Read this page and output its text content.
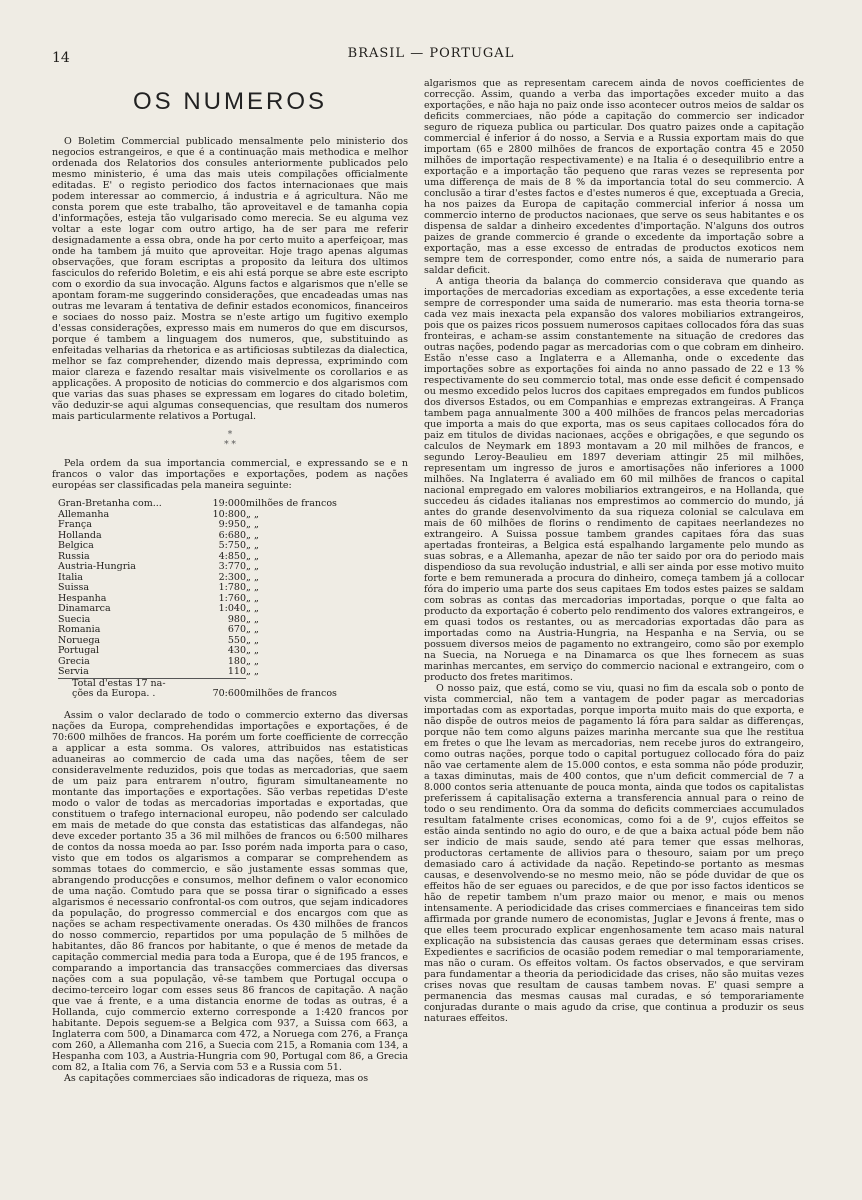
14	BRASIL — PORTUGAL
OS NUMEROS

O Boletim Commercial publicado mensalmente pelo ministerio dos negocios estrangeiros, e que é a continuação mais methodica e melhor ordenada dos Relatorios dos consules anteriormente publicados pelo mesmo ministerio, é uma das mais uteis compilações officialmente editadas. E' o registo periodico dos factos internacionaes que mais podem interessar ao commercio, á industria e á agricultura. Não me consta porem que este trabalho, tão aproveitavel e de tamanha copia d'informações, esteja tão vulgarisado como merecia. Se eu alguma vez voltar a este logar com outro artigo, ha de ser para me referir designadamente a essa obra, onde ha por certo muito a aperfeiçoar, mas onde ha tambem já muito que aproveitar. Hoje trago apenas algumas observações, que foram escriptas a proposito da leitura dos ultimos fasciculos do referido Boletim, e eis ahi está porque se abre este escripto com o exordio da sua invocação. Alguns factos e algarismos que n'elle se apontam foram-me suggerindo considerações, que encadeadas umas nas outras me levaram á tentativa de definir estados economicos, financeiros e sociaes do nosso paiz. Mostra se n'este artigo um fugitivo exemplo d'essas considerações, expresso mais em numeros do que em discursos, porque é tambem a linguagem dos numeros, que, substituindo as enfeitadas velharias da rhetorica e as artificiosas subtilezas da dialectica, melhor se faz comprehender, dizendo mais depressa, exprimindo com maior clareza e fazendo resaltar mais visivelmente os corollarios e as applicações. A proposito de noticias do commercio e dos algarismos com que varias das suas phases se expressam em logares do citado boletim, vão deduzir-se aqui algumas consequencias, que resultam dos numeros mais particularmente relativos a Portugal.

*
* *

Pela ordem da sua importancia commercial, e expressando se e n francos o valor das importações e exportações, podem as nações européas ser classificadas pela maneira seguinte:

Gran-Bretanha com...	19:000	milhões de francos
Allemanha	10:800	„ „
França	9:950	„ „
Hollanda	6:680	„ „
Belgica	5:750	„ „
Russia	4:850	„ „
Austria-Hungria	3:770	„ „
Italia	2:300	„ „
Suissa	1:780	„ „
Hespanha	1:760	„ „
Dinamarca	1:040	„ „
Suecia	980	„ „
Romania	670	„ „
Noruega	550	„ „
Portugal	430	„ „
Grecia	180	„ „
Servia	110	„ „
Total d'estas 17 na-		
ções da Europa. .	70:600	milhões de francos

Assim o valor declarado de todo o commercio externo das diversas nações da Europa, comprehendidas importações e exportações, é de 70:600 milhões de francos. Ha porém um forte coefficiente de correcção a applicar a esta somma. Os valores, attribuidos nas estatisticas aduaneiras ao commercio de cada uma das nações, têem de ser consideravelmente reduzidos, pois que todas as mercadorias, que saem de um paiz para entrarem n'outro, figuram simultaneamente no montante das importações e exportações. São verbas repetidas D'este modo o valor de todas as mercadorias importadas e exportadas, que constituem o trafego internacional europeu, não podendo ser calculado em mais de metade do que consta das estatisticas das alfandegas, não deve exceder portanto 35 a 36 mil milhões de francos ou 6:500 milhares de contos da nossa moeda ao par. Isso porém nada importa para o caso, visto que em todos os algarismos a comparar se comprehendem as sommas totaes do commercio, e são justamente essas sommas que, abrangendo producções e consumos, melhor definem o valor economico de uma nação. Comtudo para que se possa tirar o significado a esses algarismos é necessario confrontal-os com outros, que sejam indicadores da população, do progresso commercial e dos encargos com que as nações se acham respectivamente oneradas. Os 430 milhões de francos do nosso commercio, repartidos por uma população de 5 milhões de habitantes, dão 86 francos por habitante, o que é menos de metade da capitação commercial media para toda a Europa, que é de 195 francos, e comparando a importancia das transacções commerciaes das diversas nações com a sua população, vê-se tambem que Portugal occupa o decimo-terceiro logar com esses seus 86 francos de capitação. A nação que vae á frente, e a uma distancia enorme de todas as outras, é a Hollanda, cujo commercio externo corresponde a 1:420 francos por habitante. Depois seguem-se a Belgica com 937, a Suissa com 663, a Inglaterra com 500, a Dinamarca com 472, a Noruega com 276, a França com 260, a Allemanha com 216, a Suecia com 215, a Romania com 134, a Hespanha com 103, a Austria-Hungria com 90, Portugal com 86, a Grecia com 82, a Italia com 76, a Servia com 53 e a Russia com 51.

As capitações commerciaes são indicadoras de riqueza, mas os

algarismos que as representam carecem ainda de novos coefficientes de correcção. Assim, quando a verba das importações exceder muito a das exportações, e não haja no paiz onde isso acontecer outros meios de saldar os deficits commerciaes, não póde a capitação do commercio ser indicador seguro de riqueza publica ou particular. Dos quatro paizes onde a capitação commercial é inferior á do nosso, a Servia e a Russia exportam mais do que importam (65 e 2800 milhões de francos de exportação contra 45 e 2050 milhões de importação respectivamente) e na Italia é o desequilibrio entre a exportação e a importação tão pequeno que raras vezes se representa por uma differença de mais de 8 % da importancia total do seu commercio. A conclusão a tirar d'estes factos e d'estes numeros é que, exceptuada a Grecia, ha nos paizes da Europa de capitação commercial inferior á nossa um commercio interno de productos nacionaes, que serve os seus habitantes e os dispensa de saldar a dinheiro excedentes d'importação. N'alguns dos outros paizes de grande commercio é grande o excedente da importação sobre a exportação, mas a esse excesso de entradas de productos exoticos nem sempre tem de corresponder, como entre nós, a saida de numerario para saldar deficit.

A antiga theoria da balança do commercio considerava que quando as importações de mercadorias excediam as exportações, a esse excedente teria sempre de corresponder uma saida de numerario. mas esta theoria torna-se cada vez mais inexacta pela expansão dos valores mobiliarios extrangeiros, pois que os paizes ricos possuem numerosos capitaes collocados fóra das suas fronteiras, e acham-se assim constantemente na situação de credores das outras nações, podendo pagar as mercadorias com o que cobram em dinheiro. Estão n'esse caso a Inglaterra e a Allemanha, onde o excedente das importações sobre as exportações foi ainda no anno passado de 22 e 13 % respectivamente do seu commercio total, mas onde esse deficit é compensado ou mesmo excedido pelos lucros dos capitaes empregados em fundos publicos dos diversos Estados, ou em Companhias e emprezas extrangeiras. A França tambem paga annualmente 300 a 400 milhões de francos pelas mercadorias que importa a mais do que exporta, mas os seus capitaes collocados fóra do paiz em titulos de dividas nacionaes, acções e obrigações, e que segundo os calculos de Neymark em 1893 montavam a 20 mil milhões de francos, e segundo Leroy-Beaulieu em 1897 deveriam attingir 25 mil milhões, representam um ingresso de juros e amortisações não inferiores a 1000 milhões. Na Inglaterra é avaliado em 60 mil milhões de francos o capital nacional empregado em valores mobiliarios extrangeiros, e na Hollanda, que succedeu ás cidades italianas nos emprestimos ao commercio do mundo, já antes do grande desenvolvimento da sua riqueza colonial se calculava em mais de 60 milhões de florins o rendimento de capitaes neerlandezes no extrangeiro. A Suissa possue tambem grandes capitaes fóra das suas apertadas fronteiras, a Belgica está espalhando largamente pelo mundo as suas sobras, e a Allemanha, apezar de não ter saido por ora do periodo mais dispendioso da sua revolução industrial, e alli ser ainda por esse motivo muito forte e bem remunerada a procura do dinheiro, começa tambem já a collocar fóra do imperio uma parte dos seus capitaes Em todos estes paizes se saldam com sobras as contas das mercadorias importadas, porque o que falta ao producto da exportação é coberto pelo rendimento dos valores extrangeiros, e em quasi todos os restantes, ou as mercadorias exportadas dão para as importadas como na Austria-Hungria, na Hespanha e na Servia, ou se possuem diversos meios de pagamento no extrangeiro, como são por exemplo na Suecia, na Noruega e na Dinamarca os que lhes fornecem as suas marinhas mercantes, em serviço do commercio nacional e extrangeiro, com o producto dos fretes maritimos.

O nosso paiz, que está, como se viu, quasi no fim da escala sob o ponto de vista commercial, não tem a vantagem de poder pagar as mercadorias importadas com as exportadas, porque importa muito mais do que exporta, e não dispõe de outros meios de pagamento lá fóra para saldar as differenças, porque não tem como alguns paizes marinha mercante sua que lhe restitua em fretes o que lhe levam as mercadorias, nem recebe juros do extrangeiro, como outras nações, porque todo o capital portuguez collocado fóra do paiz não vae certamente alem de 15.000 contos, e esta somma não póde produzir, a taxas diminutas, mais de 400 contos, que n'um deficit commercial de 7 a 8.000 contos seria attenuante de pouca monta, ainda que todos os capitalistas preferissem á capitalisação externa a transferencia annual para o reino de todo o seu rendimento. Ora da somma do deficits commerciaes accumulados resultam fatalmente crises economicas, como foi a de 9', cujos effeitos se estão ainda sentindo no agio do ouro, e de que a baixa actual póde bem não ser indicio de mais saude, sendo até para temer que essas melhoras, productoras certamente de allivios para o thesouro, saiam por um preço demasiado caro á actividade da nação. Repetindo-se portanto as mesmas causas, e desenvolvendo-se no mesmo meio, não se póde duvidar de que os effeitos hão de ser eguaes ou parecidos, e de que por isso factos identicos se hão de repetir tambem n'um prazo maior ou menor, e mais ou menos intensamente. A periodicidade das crises commerciaes e financeiras tem sido affirmada por grande numero de economistas, Juglar e Jevons á frente, mas o que elles teem procurado explicar engenhosamente tem acaso mais natural explicação na subsistencia das causas geraes que determinam essas crises. Expedientes e sacrificios de ocasião podem remediar o mal temporariamente, mas não o curam. Os effeitos voltam. Os factos observados, e que serviram para fundamentar a theoria da periodicidade das crises, não são muitas vezes crises novas que resultam de causas tambem novas. E' quasi sempre a permanencia das mesmas causas mal curadas, e só temporariamente conjuradas durante o mais agudo da crise, que continua a produzir os seus naturaes effeitos.
